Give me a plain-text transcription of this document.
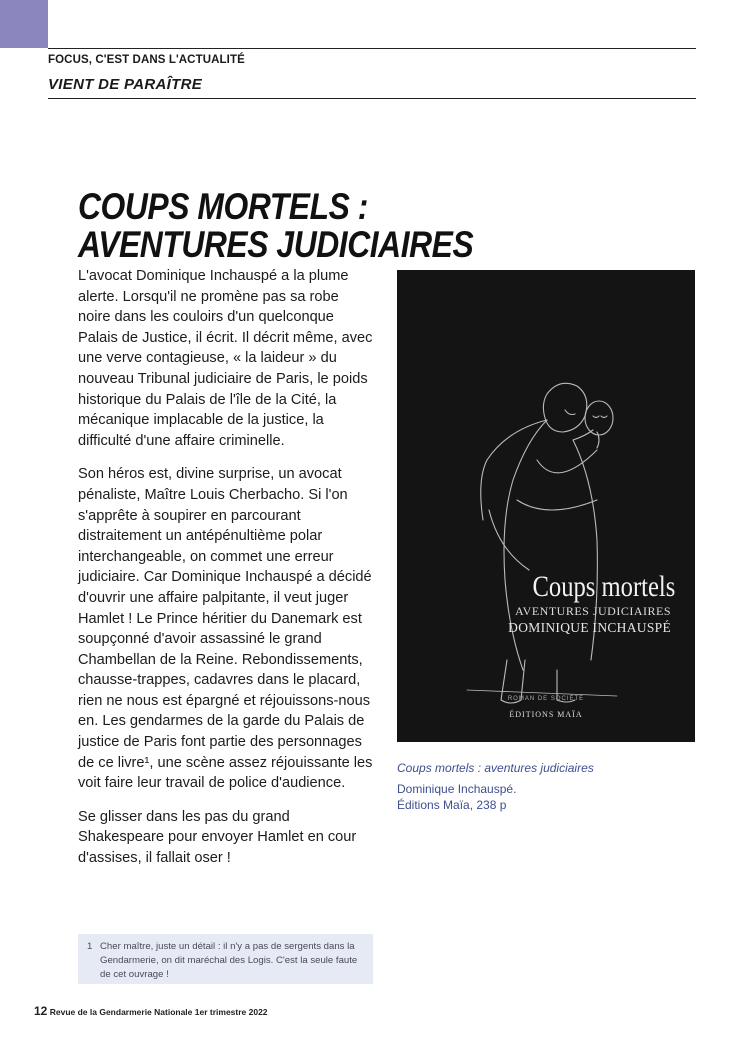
FOCUS, C'EST DANS L'ACTUALITÉ
VIENT DE PARAÎTRE
COUPS MORTELS :
AVENTURES JUDICIAIRES

L'avocat Dominique Inchauspé a la plume alerte. Lorsqu'il ne promène pas sa robe noire dans les couloirs d'un quelconque Palais de Justice, il écrit. Il décrit même, avec une verve contagieuse, « la laideur » du nouveau Tribunal judiciaire de Paris, le poids historique du Palais de l'île de la Cité, la mécanique implacable de la justice, la difficulté d'une affaire criminelle.

Son héros est, divine surprise, un avocat pénaliste, Maître Louis Cherbacho. Si l'on s'apprête à soupirer en parcourant distraitement un antépénultième polar interchangeable, on commet une erreur judiciaire. Car Dominique Inchauspé a décidé d'ouvrir une affaire palpitante, il veut juger Hamlet ! Le Prince héritier du Danemark est soupçonné d'avoir assassiné le grand Chambellan de la Reine. Rebondissements, chausse-trappes, cadavres dans le placard, rien ne nous est épargné et réjouissons-nous en. Les gendarmes de la garde du Palais de justice de Paris font partie des personnages de ce livre¹, une scène assez réjouissante les voit faire leur travail de police d'audience.

Se glisser dans les pas du grand Shakespeare pour envoyer Hamlet en cour d'assises, il fallait oser !

Coups mortels
AVENTURES JUDICIAIRES
DOMINIQUE INCHAUSPÉ
ROMAN DE SOCIÉTÉ
ÉDITIONS MAÏA
Coups mortels : aventures judiciaires
Dominique Inchauspé.
Éditions Maïa, 238 p
1 Cher maître, juste un détail : il n'y a pas de sergents dans la Gendarmerie, on dit maréchal des Logis. C'est la seule faute de cet ouvrage !
12 Revue de la Gendarmerie Nationale 1er trimestre 2022
